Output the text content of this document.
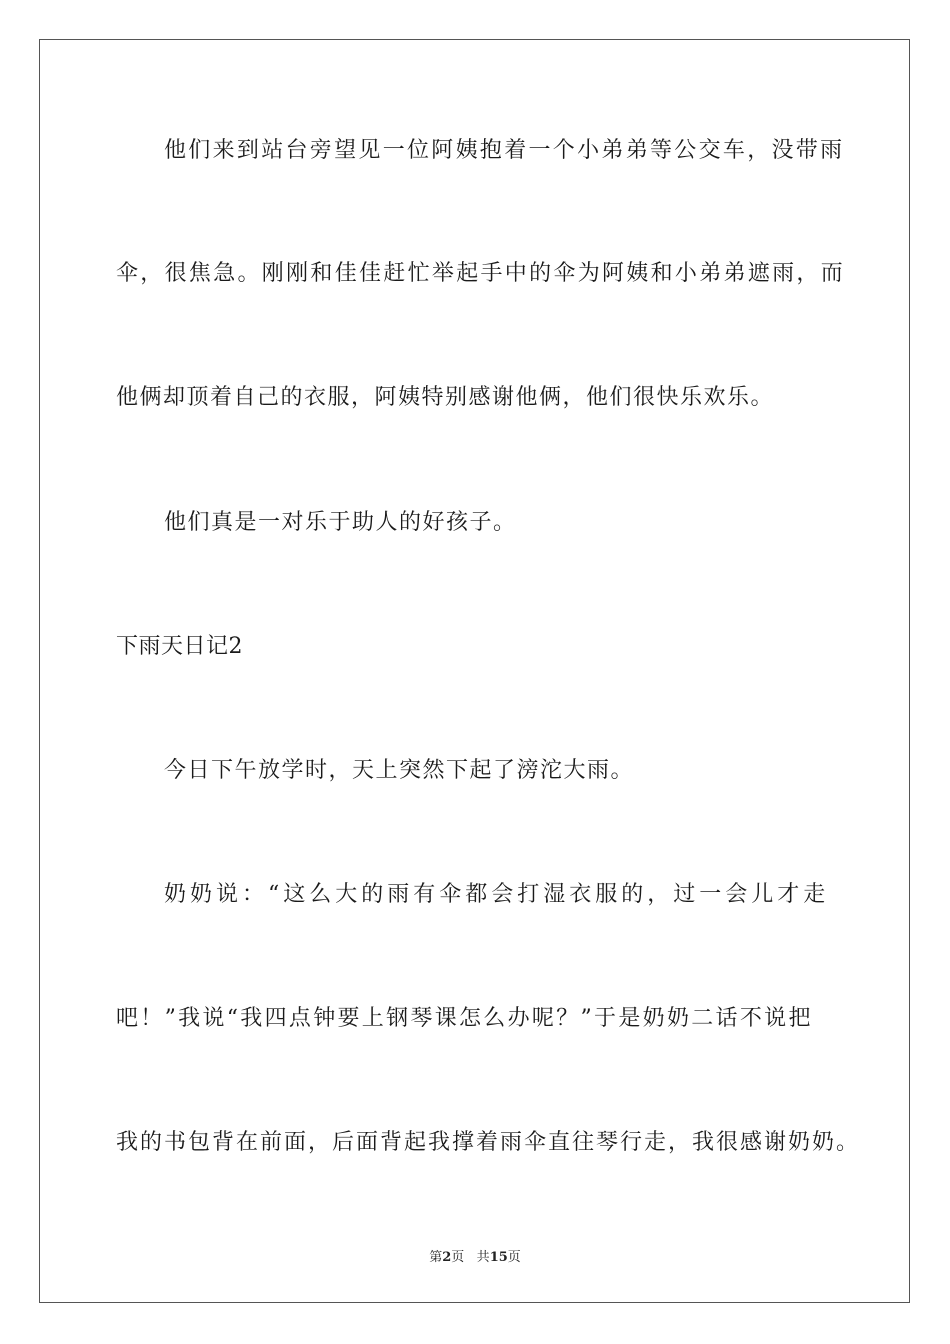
他们来到站台旁望见一位阿姨抱着一个小弟弟等公交车，没带雨
伞，很焦急。刚刚和佳佳赶忙举起手中的伞为阿姨和小弟弟遮雨，而
他俩却顶着自己的衣服，阿姨特别感谢他俩，他们很快乐欢乐。
他们真是一对乐于助人的好孩子。
下雨天日记2
今日下午放学时，天上突然下起了滂沱大雨。
奶奶说：“这么大的雨有伞都会打湿衣服的，过一会儿才走
吧！”我说“我四点钟要上钢琴课怎么办呢？”于是奶奶二话不说把
我的书包背在前面，后面背起我撑着雨伞直往琴行走，我很感谢奶奶。
第2页 共15页
